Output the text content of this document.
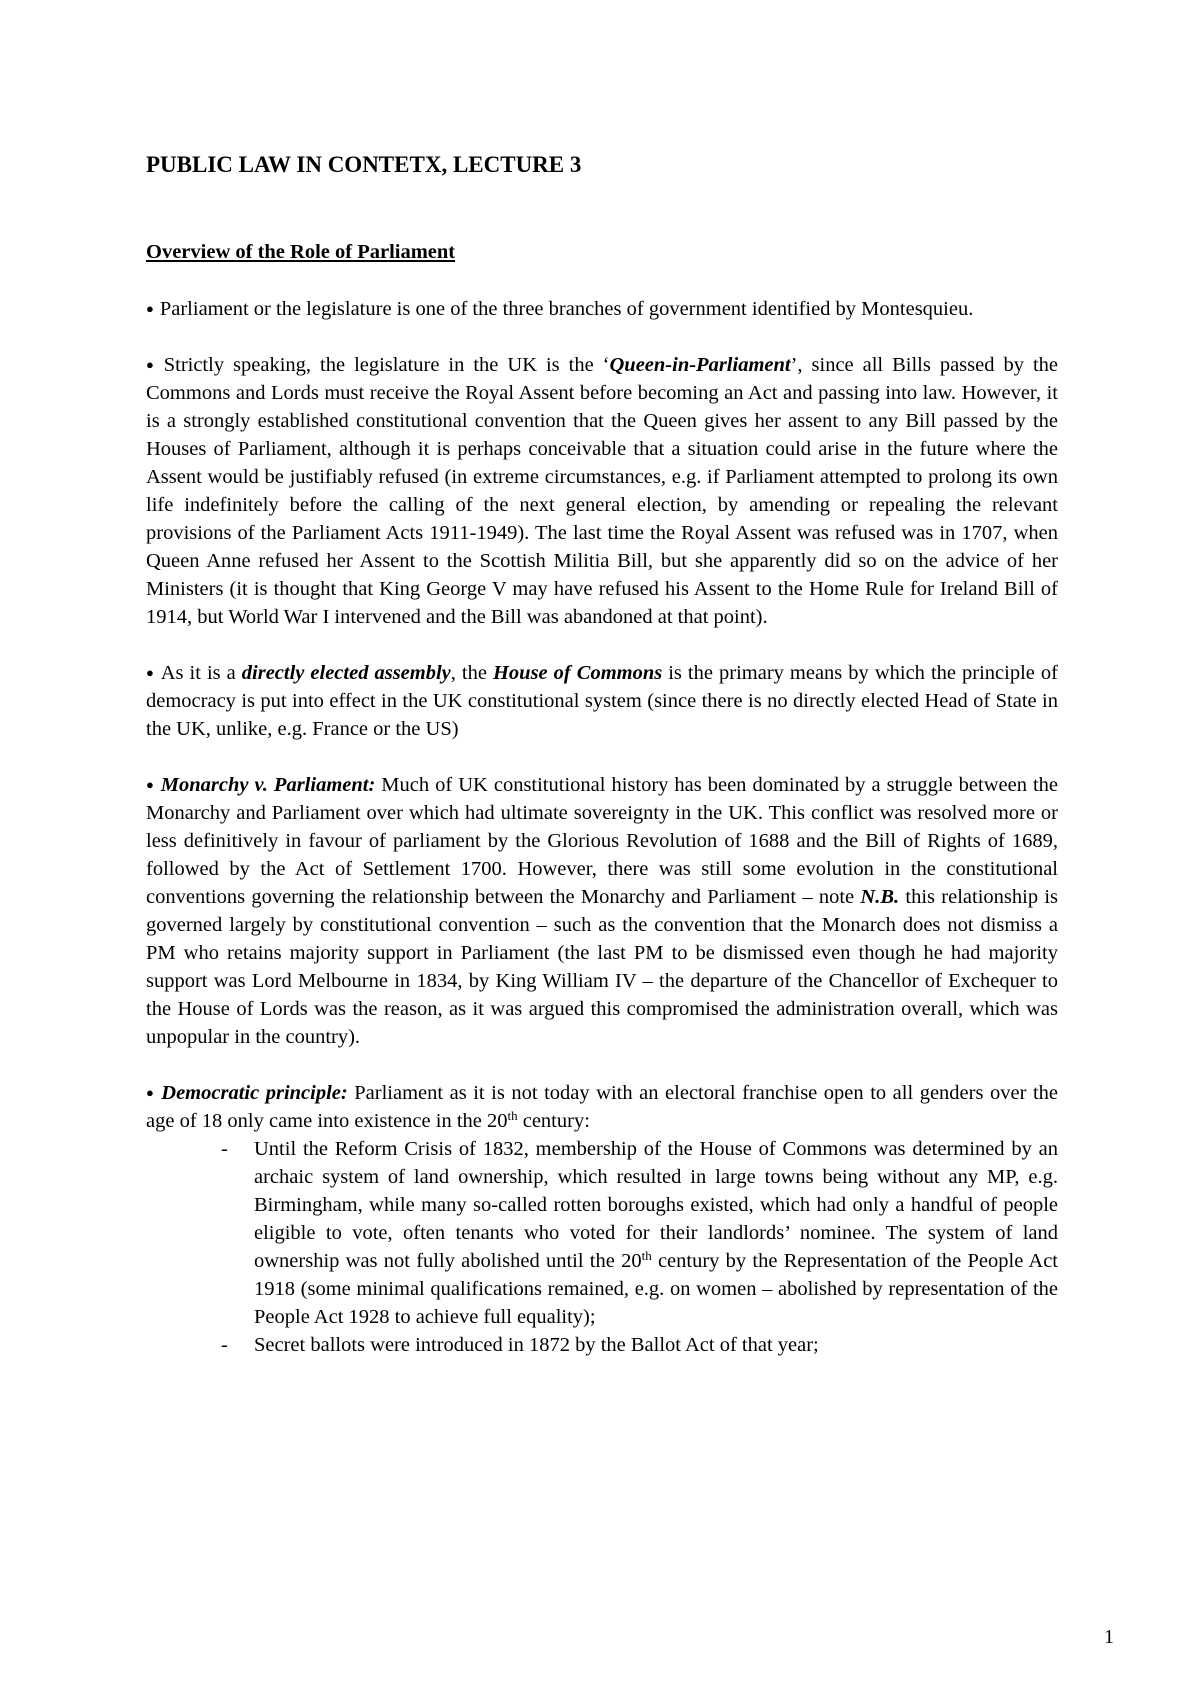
PUBLIC LAW IN CONTETX, LECTURE 3
Overview of the Role of Parliament

● Parliament or the legislature is one of the three branches of government identified by Montesquieu.

● Strictly speaking, the legislature in the UK is the ‘Queen-in-Parliament’, since all Bills passed by the Commons and Lords must receive the Royal Assent before becoming an Act and passing into law. However, it is a strongly established constitutional convention that the Queen gives her assent to any Bill passed by the Houses of Parliament, although it is perhaps conceivable that a situation could arise in the future where the Assent would be justifiably refused (in extreme circumstances, e.g. if Parliament attempted to prolong its own life indefinitely before the calling of the next general election, by amending or repealing the relevant provisions of the Parliament Acts 1911-1949). The last time the Royal Assent was refused was in 1707, when Queen Anne refused her Assent to the Scottish Militia Bill, but she apparently did so on the advice of her Ministers (it is thought that King George V may have refused his Assent to the Home Rule for Ireland Bill of 1914, but World War I intervened and the Bill was abandoned at that point).

● As it is a directly elected assembly, the House of Commons is the primary means by which the principle of democracy is put into effect in the UK constitutional system (since there is no directly elected Head of State in the UK, unlike, e.g. France or the US)

● Monarchy v. Parliament: Much of UK constitutional history has been dominated by a struggle between the Monarchy and Parliament over which had ultimate sovereignty in the UK. This conflict was resolved more or less definitively in favour of parliament by the Glorious Revolution of 1688 and the Bill of Rights of 1689, followed by the Act of Settlement 1700. However, there was still some evolution in the constitutional conventions governing the relationship between the Monarchy and Parliament – note N.B. this relationship is governed largely by constitutional convention – such as the convention that the Monarch does not dismiss a PM who retains majority support in Parliament (the last PM to be dismissed even though he had majority support was Lord Melbourne in 1834, by King William IV – the departure of the Chancellor of Exchequer to the House of Lords was the reason, as it was argued this compromised the administration overall, which was unpopular in the country).

● Democratic principle: Parliament as it is not today with an electoral franchise open to all genders over the age of 18 only came into existence in the 20th century:

- Until the Reform Crisis of 1832, membership of the House of Commons was determined by an archaic system of land ownership, which resulted in large towns being without any MP, e.g. Birmingham, while many so-called rotten boroughs existed, which had only a handful of people eligible to vote, often tenants who voted for their landlords’ nominee. The system of land ownership was not fully abolished until the 20th century by the Representation of the People Act 1918 (some minimal qualifications remained, e.g. on women – abolished by representation of the People Act 1928 to achieve full equality);
- Secret ballots were introduced in 1872 by the Ballot Act of that year;
1
